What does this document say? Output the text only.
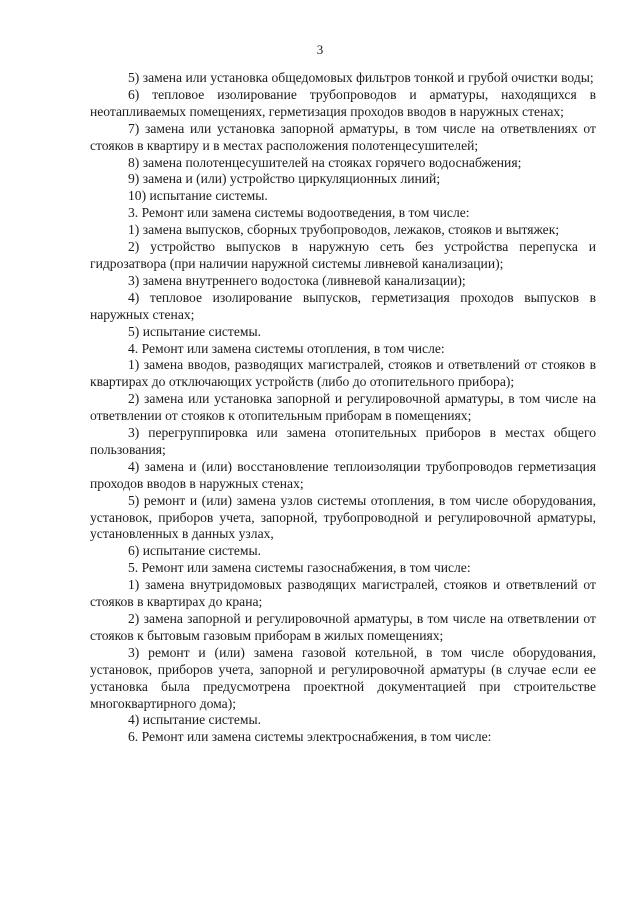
3

5) замена или установка общедомовых фильтров тонкой и грубой очистки воды;

6) тепловое изолирование трубопроводов и арматуры, находящихся в неотапливаемых помещениях, герметизация проходов вводов в наружных стенах;

7) замена или установка запорной арматуры, в том числе на ответвлениях от стояков в квартиру и в местах расположения полотенцесушителей;

8) замена полотенцесушителей на стояках горячего водоснабжения;

9) замена и (или) устройство циркуляционных линий;

10) испытание системы.

3. Ремонт или замена системы водоотведения, в том числе:

1) замена выпусков, сборных трубопроводов, лежаков, стояков и вытяжек;

2) устройство выпусков в наружную сеть без устройства перепуска и гидрозатвора (при наличии наружной системы ливневой канализации);

3) замена внутреннего водостока (ливневой канализации);

4) тепловое изолирование выпусков, герметизация проходов выпусков в наружных стенах;

5) испытание системы.

4. Ремонт или замена системы отопления, в том числе:

1) замена вводов, разводящих магистралей, стояков и ответвлений от стояков в квартирах до отключающих устройств (либо до отопительного прибора);

2) замена или установка запорной и регулировочной арматуры, в том числе на ответвлении от стояков к отопительным приборам в помещениях;

3) перегруппировка или замена отопительных приборов в местах общего пользования;

4) замена и (или) восстановление теплоизоляции трубопроводов герметизация проходов вводов в наружных стенах;

5) ремонт и (или) замена узлов системы отопления, в том числе оборудования, установок, приборов учета, запорной, трубопроводной и регулировочной арматуры, установленных в данных узлах,

6) испытание системы.

5. Ремонт или замена системы газоснабжения, в том числе:

1) замена внутридомовых разводящих магистралей, стояков и ответвлений от стояков в квартирах до крана;

2) замена запорной и регулировочной арматуры, в том числе на ответвлении от стояков к бытовым газовым приборам в жилых помещениях;

3) ремонт и (или) замена газовой котельной, в том числе оборудования, установок, приборов учета, запорной и регулировочной арматуры (в случае если ее установка была предусмотрена проектной документацией при строительстве многоквартирного дома);

4) испытание системы.

6. Ремонт или замена системы электроснабжения, в том числе:
